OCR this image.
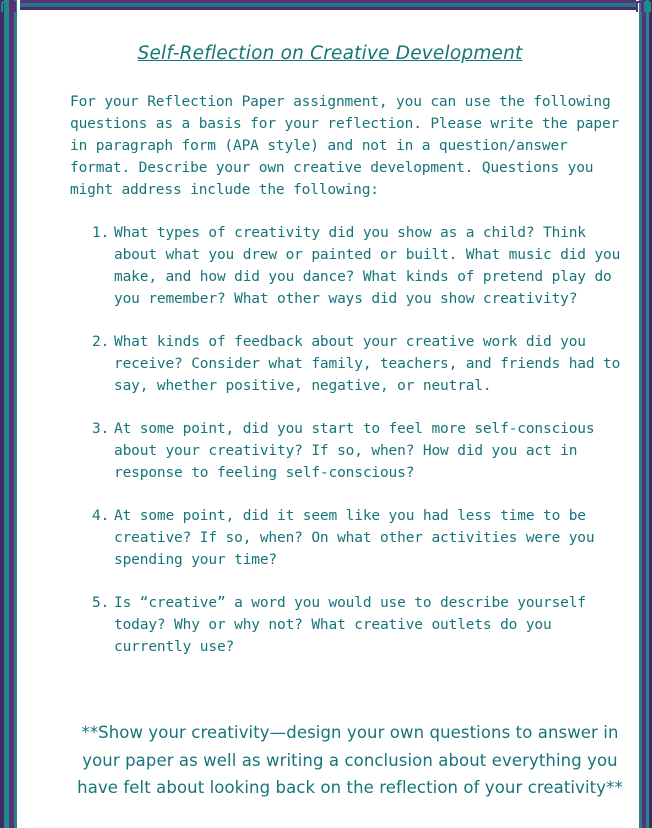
Self-Reflection on Creative Development

For your Reflection Paper assignment, you can use the following questions as a basis for your reflection. Please write the paper in paragraph form (APA style) and not in a question/answer format. Describe your own creative development. Questions you might address include the following:

1. What types of creativity did you show as a child? Think about what you drew or painted or built. What music did you make, and how did you dance? What kinds of pretend play do you remember? What other ways did you show creativity?
2. What kinds of feedback about your creative work did you receive? Consider what family, teachers, and friends had to say, whether positive, negative, or neutral.
3. At some point, did you start to feel more self-conscious about your creativity? If so, when? How did you act in response to feeling self-conscious?
4. At some point, did it seem like you had less time to be creative? If so, when? On what other activities were you spending your time?
5. Is “creative” a word you would use to describe yourself today? Why or why not? What creative outlets do you currently use?

**Show your creativity—design your own questions to answer in your paper as well as writing a conclusion about everything you have felt about looking back on the reflection of your creativity**
